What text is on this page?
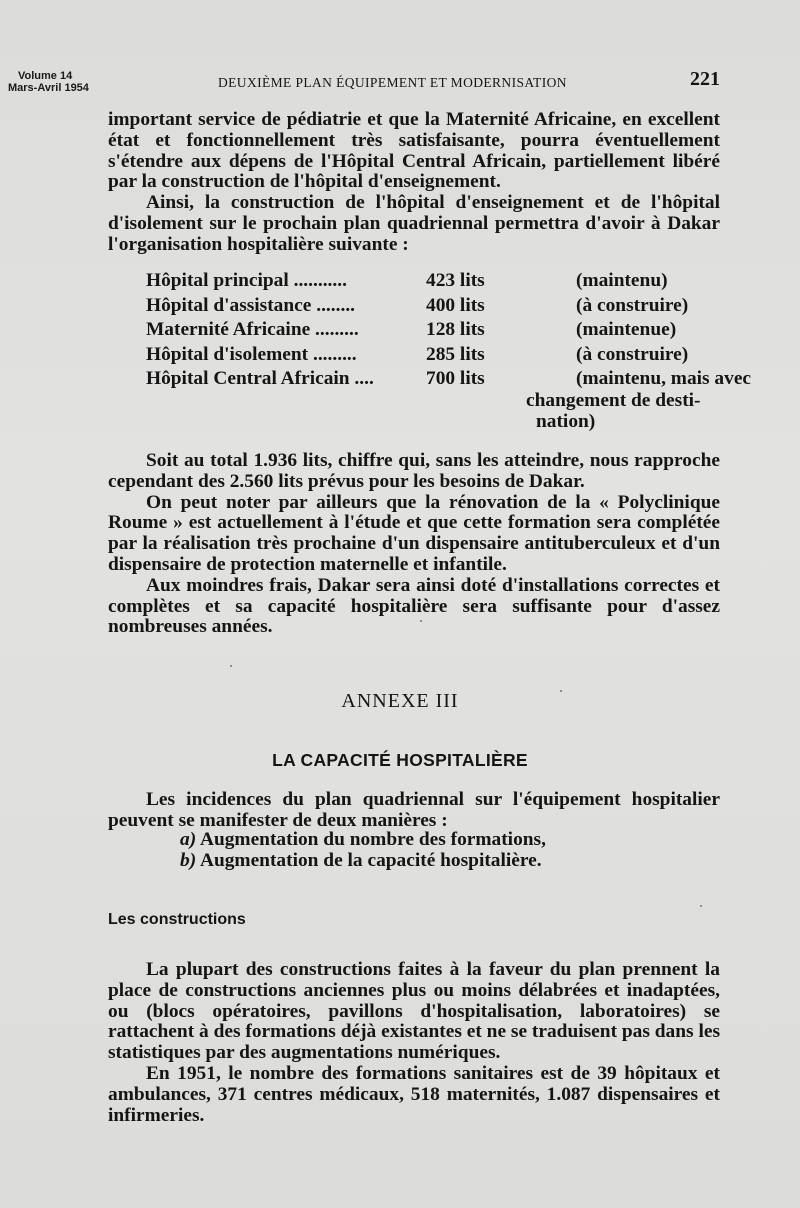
Volume 14
Mars-Avril 1954	DEUXIÈME PLAN ÉQUIPEMENT ET MODERNISATION	221

important service de pédiatrie et que la Maternité Africaine, en excellent état et fonctionnellement très satisfaisante, pourra éventuellement s'étendre aux dépens de l'Hôpital Central Africain, partiellement libéré par la construction de l'hôpital d'enseignement.

Ainsi, la construction de l'hôpital d'enseignement et de l'hôpital d'isolement sur le prochain plan quadriennal permettra d'avoir à Dakar l'organisation hospitalière suivante :

Hôpital principal ...........	423 lits	(maintenu)
Hôpital d'assistance ........	400 lits	(à construire)
Maternité Africaine .........	128 lits	(maintenue)
Hôpital d'isolement .........	285 lits	(à construire)
Hôpital Central Africain ....	700 lits	(maintenu, mais avec
changement de desti-
nation)

Soit au total 1.936 lits, chiffre qui, sans les atteindre, nous rapproche cependant des 2.560 lits prévus pour les besoins de Dakar.

On peut noter par ailleurs que la rénovation de la « Polyclinique Roume » est actuellement à l'étude et que cette formation sera complétée par la réalisation très prochaine d'un dispensaire antituberculeux et d'un dispensaire de protection maternelle et infantile.

Aux moindres frais, Dakar sera ainsi doté d'installations correctes et complètes et sa capacité hospitalière sera suffisante pour d'assez nombreuses années.

ANNEXE III
LA CAPACITÉ HOSPITALIÈRE

Les incidences du plan quadriennal sur l'équipement hospitalier peuvent se manifester de deux manières :

a) Augmentation du nombre des formations,
b) Augmentation de la capacité hospitalière.
Les constructions

La plupart des constructions faites à la faveur du plan prennent la place de constructions anciennes plus ou moins délabrées et inadaptées, ou (blocs opératoires, pavillons d'hospitalisation, laboratoires) se rattachent à des formations déjà existantes et ne se traduisent pas dans les statistiques par des augmentations numériques.

En 1951, le nombre des formations sanitaires est de 39 hôpitaux et ambulances, 371 centres médicaux, 518 maternités, 1.087 dispensaires et infirmeries.
